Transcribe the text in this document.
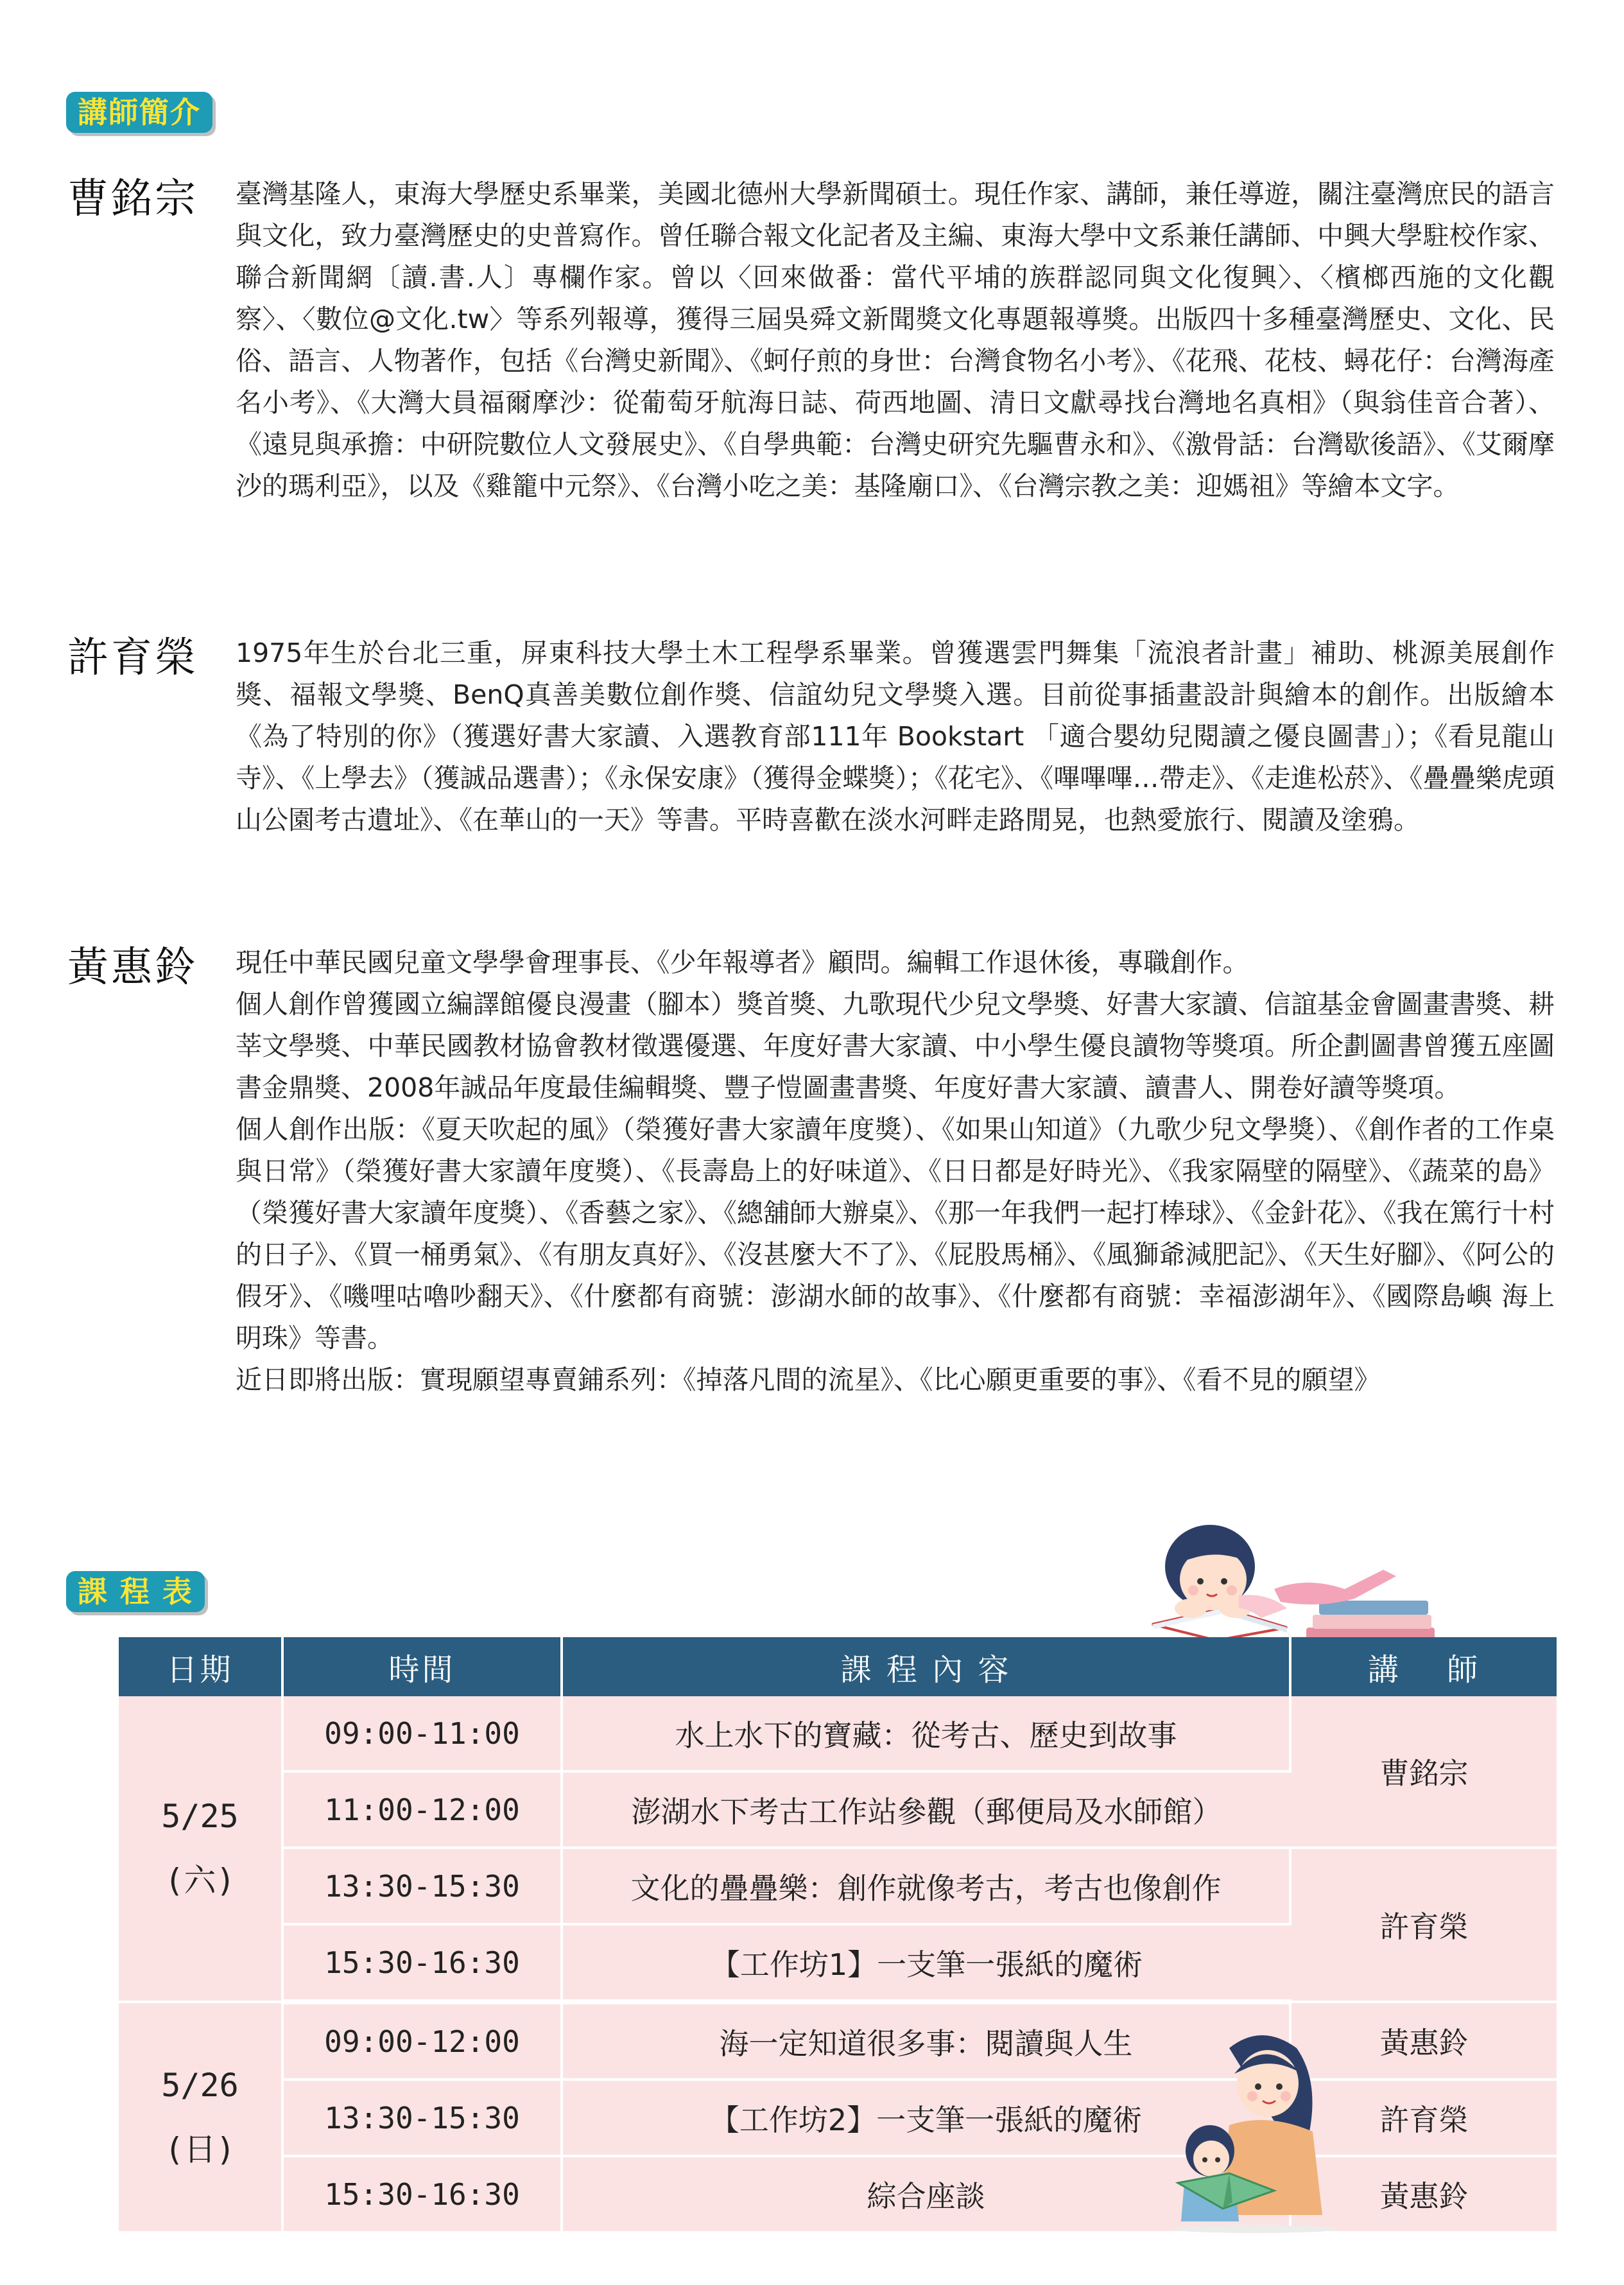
講師簡介
曹銘宗 臺灣基隆人，東海大學歷史系畢業，美國北德州大學新聞碩士。現任作家、講師，兼任導遊，關注臺灣庶民的語言與文化，致力臺灣歷史的史普寫作。曾任聯合報文化記者及主編、東海大學中文系兼任講師、中興大學駐校作家、聯合新聞網〔讀.書.人〕專欄作家。曾以〈回來做番：當代平埔的族群認同與文化復興〉、〈檳榔西施的文化觀察〉、〈數位@文化.tw〉等系列報導，獲得三屆吳舜文新聞獎文化專題報導獎。出版四十多種臺灣歷史、文化、民俗、語言、人物著作，包括《台灣史新聞》、《蚵仔煎的身世：台灣食物名小考》、《花飛、花枝、蟳花仔：台灣海產名小考》、《大灣大員福爾摩沙：從葡萄牙航海日誌、荷西地圖、清日文獻尋找台灣地名真相》（與翁佳音合著）、《遠見與承擔：中研院數位人文發展史》、《自學典範：台灣史研究先驅曹永和》、《激骨話：台灣歇後語》、《艾爾摩沙的瑪利亞》，以及《雞籠中元祭》、《台灣小吃之美：基隆廟口》、《台灣宗教之美：迎媽祖》等繪本文字。

許育榮 1975年生於台北三重，屏東科技大學土木工程學系畢業。曾獲選雲門舞集「流浪者計畫」補助、桃源美展創作獎、福報文學獎、BenQ真善美數位創作獎、信誼幼兒文學獎入選。目前從事插畫設計與繪本的創作。出版繪本《為了特別的你》（獲選好書大家讀、入選教育部111年 Bookstart 「適合嬰幼兒閱讀之優良圖書」）；《看見龍山寺》、《上學去》（獲誠品選書）；《永保安康》（獲得金蝶獎）；《花宅》、《嗶嗶嗶…帶走》、《走進松菸》、《疊疊樂虎頭山公園考古遺址》、《在華山的一天》等書。平時喜歡在淡水河畔走路閒晃，也熱愛旅行、閱讀及塗鴉。

黃惠鈴 現任中華民國兒童文學學會理事長、《少年報導者》顧問。編輯工作退休後，專職創作。

個人創作曾獲國立編譯館優良漫畫（腳本）獎首獎、九歌現代少兒文學獎、好書大家讀、信誼基金會圖畫書獎、耕莘文學獎、中華民國教材協會教材徵選優選、年度好書大家讀、中小學生優良讀物等獎項。所企劃圖書曾獲五座圖書金鼎獎、2008年誠品年度最佳編輯獎、豐子愷圖畫書獎、年度好書大家讀、讀書人、開卷好讀等獎項。

個人創作出版：《夏天吹起的風》（榮獲好書大家讀年度獎）、《如果山知道》（九歌少兒文學獎）、《創作者的工作桌與日常》（榮獲好書大家讀年度獎）、《長壽島上的好味道》、《日日都是好時光》、《我家隔壁的隔壁》、《蔬菜的島》（榮獲好書大家讀年度獎）、《香藝之家》、《總舖師大辦桌》、《那一年我們一起打棒球》、《金針花》、《我在篤行十村的日子》、《買一桶勇氣》、《有朋友真好》、《沒甚麼大不了》、《屁股馬桶》、《風獅爺減肥記》、《天生好腳》、《阿公的假牙》、《嘰哩咕嚕吵翻天》、《什麼都有商號：澎湖水師的故事》、《什麼都有商號：幸福澎湖年》、《國際島嶼 海上明珠》等書。

近日即將出版：實現願望專賣鋪系列：《掉落凡間的流星》、《比心願更重要的事》、《看不見的願望》

課 程 表
日期	時間	課 程 內 容	講　 師

5/25
(六)	09:00-11:00	水上水下的寶藏：從考古、歷史到故事	曹銘宗
	11:00-12:00	澎湖水下考古工作站參觀（郵便局及水師館）	
	13:30-15:30	文化的疊疊樂：創作就像考古，考古也像創作	許育榮
	15:30-16:30	【工作坊1】一支筆一張紙的魔術	

5/26
(日)	09:00-12:00	海一定知道很多事：閱讀與人生	黃惠鈴
	13:30-15:30	【工作坊2】一支筆一張紙的魔術	許育榮
	15:30-16:30	綜合座談	黃惠鈴
